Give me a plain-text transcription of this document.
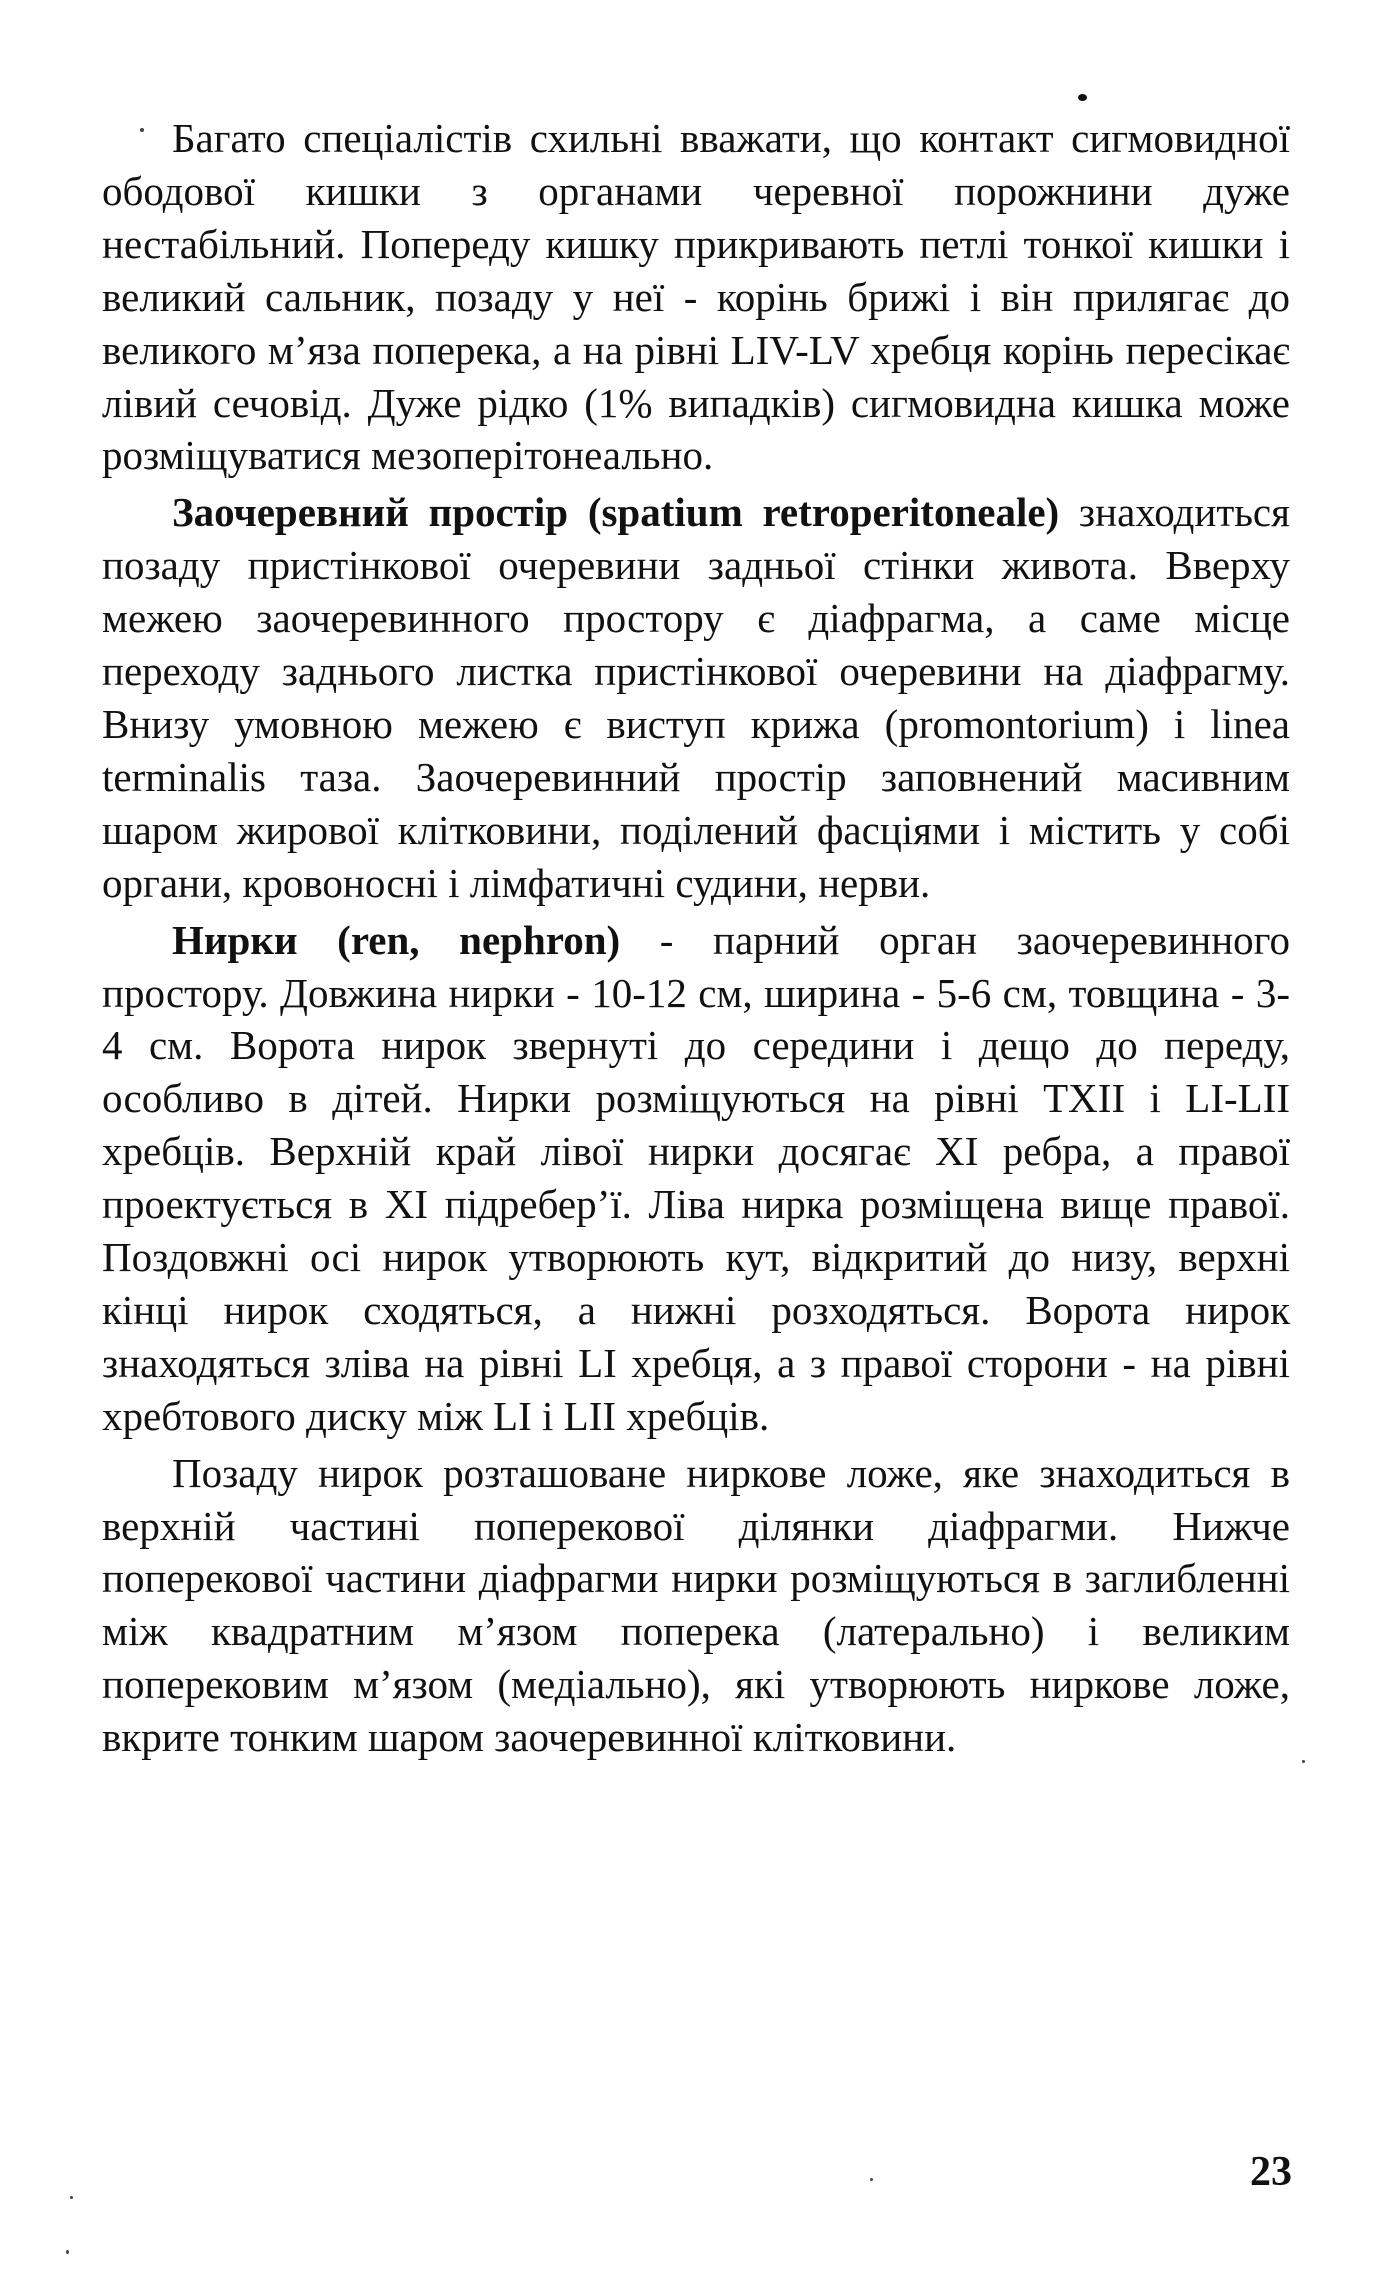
Багато спеціалістів схильні вважати, що контакт сигмовидної ободової кишки з органами черевної порожнини дуже нестабільний. Попереду кишку прикривають петлі тонкої кишки і великий сальник, позаду у неї - корінь брижі і він прилягає до великого м’яза поперека, а на рівні LIV-LV хребця корінь пересікає лівий сечовід. Дуже рідко (1% випадків) сигмовидна кишка може розміщуватися мезоперітонеально.

Заочеревний простір (spatium retroperitoneale) знаходиться позаду пристінкової очеревини задньої стінки живота. Вверху межею заочеревинного простору є діафрагма, а саме місце переходу заднього листка пристінкової очеревини на діафрагму. Внизу умовною межею є виступ крижа (promontorium) і linea terminalis таза. Заочеревинний простір заповнений масивним шаром жирової клітковини, поділений фасціями і містить у собі органи, кровоносні і лімфатичні судини, нерви.

Нирки (ren, nephron) - парний орган заочеревинного простору. Довжина нирки - 10-12 см, ширина - 5-6 см, товщина - 3-4 см. Ворота нирок звернуті до середини і дещо до переду, особливо в дітей. Нирки розміщуються на рівні ТXII і LI-LII хребців. Верхній край лівої нирки досягає XI ребра, а правої проектується в XI підребер’ї. Ліва нирка розміщена вище правої. Поздовжні осі нирок утворюють кут, відкритий до низу, верхні кінці нирок сходяться, а нижні розходяться. Ворота нирок знаходяться зліва на рівні LI хребця, а з правої сторони - на рівні хребтового диску між LI і LII хребців.

Позаду нирок розташоване ниркове ложе, яке знаходиться в верхній частині поперекової ділянки діафрагми. Нижче поперекової частини діафрагми нирки розміщуються в заглибленні між квадратним м’язом поперека (латерально) і великим поперековим м’язом (медіально), які утворюють ниркове ложе, вкрите тонким шаром заочеревинної клітковини.

23
